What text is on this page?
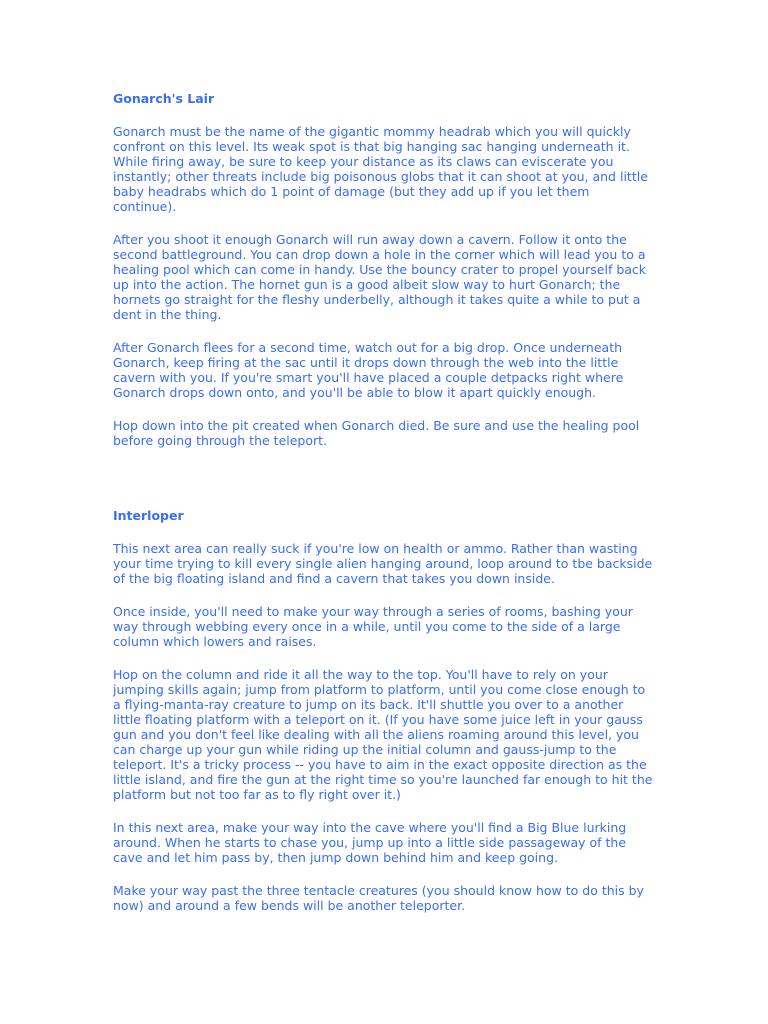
Gonarch's Lair

Gonarch must be the name of the gigantic mommy headrab which you will quickly
confront on this level. Its weak spot is that big hanging sac hanging underneath it.
While firing away, be sure to keep your distance as its claws can eviscerate you
instantly; other threats include big poisonous globs that it can shoot at you, and little
baby headrabs which do 1 point of damage (but they add up if you let them
continue).

After you shoot it enough Gonarch will run away down a cavern. Follow it onto the
second battleground. You can drop down a hole in the corner which will lead you to a
healing pool which can come in handy. Use the bouncy crater to propel yourself back
up into the action. The hornet gun is a good albeit slow way to hurt Gonarch; the
hornets go straight for the fleshy underbelly, although it takes quite a while to put a
dent in the thing.

After Gonarch flees for a second time, watch out for a big drop. Once underneath
Gonarch, keep firing at the sac until it drops down through the web into the little
cavern with you. If you're smart you'll have placed a couple detpacks right where
Gonarch drops down onto, and you'll be able to blow it apart quickly enough.

Hop down into the pit created when Gonarch died. Be sure and use the healing pool
before going through the teleport.

Interloper

This next area can really suck if you're low on health or ammo. Rather than wasting
your time trying to kill every single alien hanging around, loop around to tbe backside
of the big floating island and find a cavern that takes you down inside.

Once inside, you'll need to make your way through a series of rooms, bashing your
way through webbing every once in a while, until you come to the side of a large
column which lowers and raises.

Hop on the column and ride it all the way to the top. You'll have to rely on your
jumping skills again; jump from platform to platform, until you come close enough to
a flying-manta-ray creature to jump on its back. It'll shuttle you over to a another
little floating platform with a teleport on it. (If you have some juice left in your gauss
gun and you don't feel like dealing with all the aliens roaming around this level, you
can charge up your gun while riding up the initial column and gauss-jump to the
teleport. It's a tricky process -- you have to aim in the exact opposite direction as the
little island, and fire the gun at the right time so you're launched far enough to hit the
platform but not too far as to fly right over it.)

In this next area, make your way into the cave where you'll find a Big Blue lurking
around. When he starts to chase you, jump up into a little side passageway of the
cave and let him pass by, then jump down behind him and keep going.

Make your way past the three tentacle creatures (you should know how to do this by
now) and around a few bends will be another teleporter.
